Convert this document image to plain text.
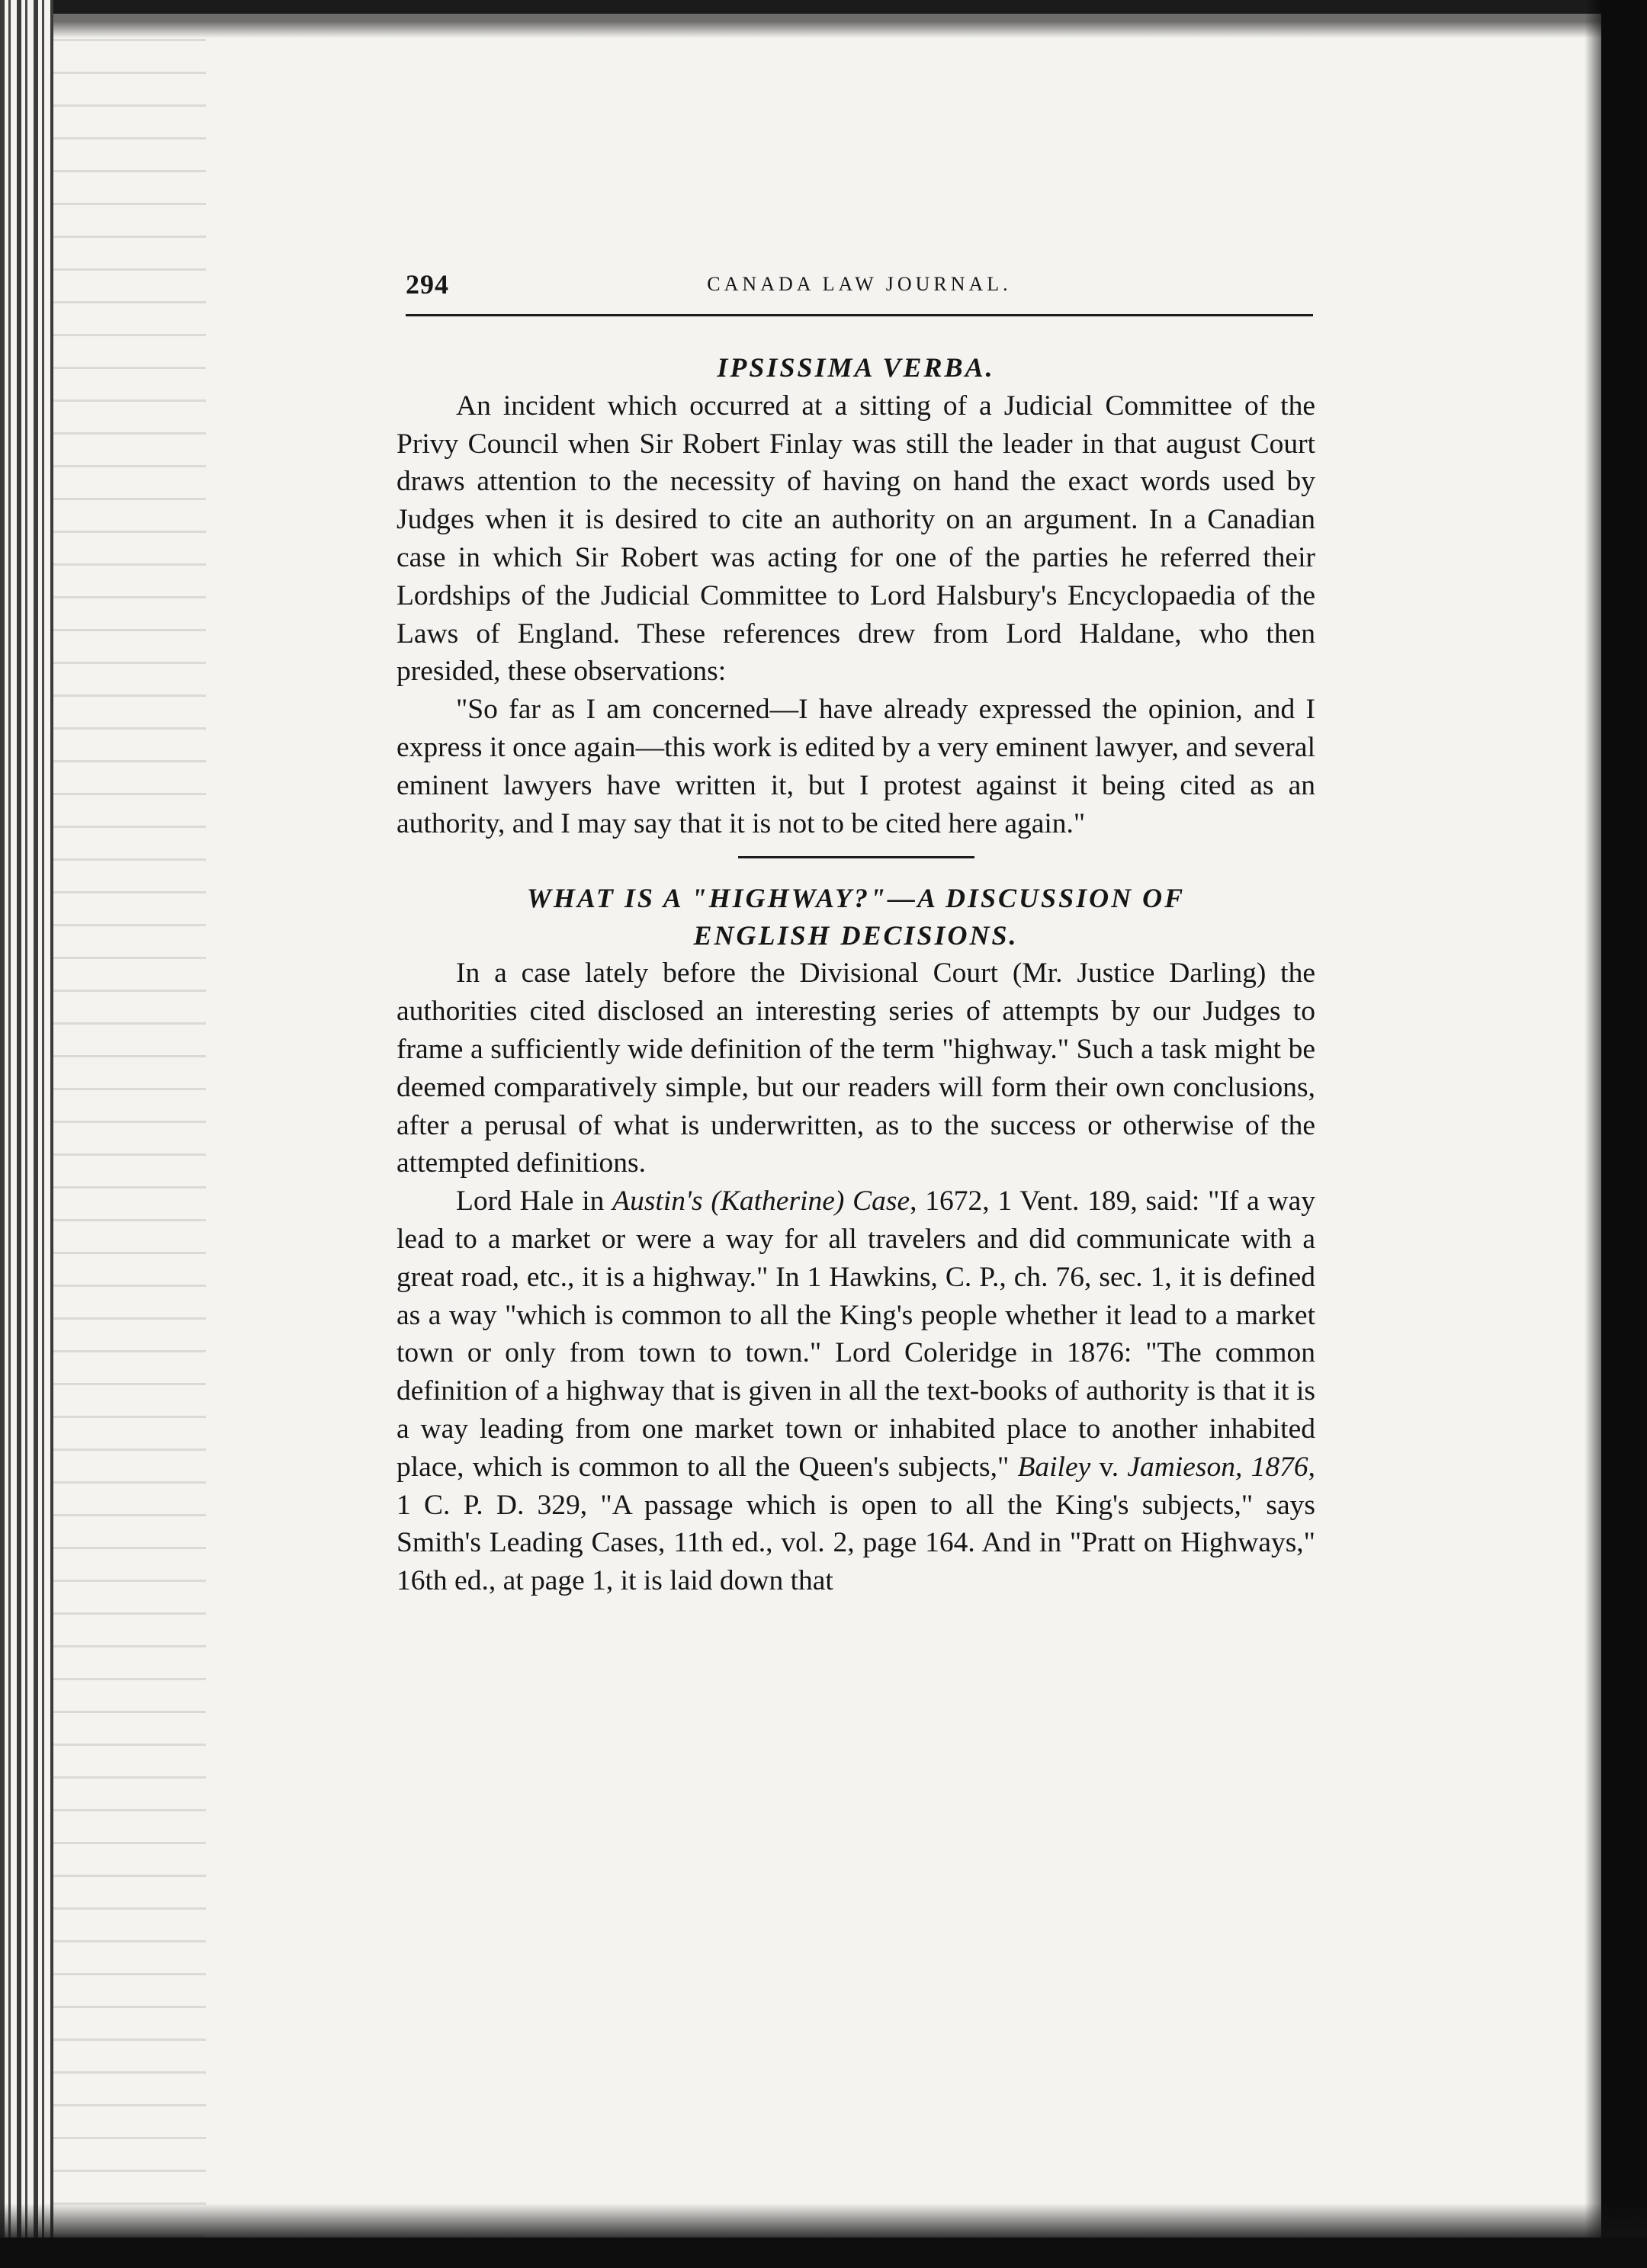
294	CANADA LAW JOURNAL.
IPSISSIMA VERBA.

An incident which occurred at a sitting of a Judicial Committee of the Privy Council when Sir Robert Finlay was still the leader in that august Court draws attention to the necessity of having on hand the exact words used by Judges when it is desired to cite an authority on an argument. In a Canadian case in which Sir Robert was acting for one of the parties he referred their Lordships of the Judicial Committee to Lord Halsbury's Encyclopaedia of the Laws of England. These references drew from Lord Haldane, who then presided, these observations:

"So far as I am concerned—I have already expressed the opinion, and I express it once again—this work is edited by a very eminent lawyer, and several eminent lawyers have written it, but I protest against it being cited as an authority, and I may say that it is not to be cited here again."

WHAT IS A "HIGHWAY?"—A DISCUSSION OF
ENGLISH DECISIONS.

In a case lately before the Divisional Court (Mr. Justice Darling) the authorities cited disclosed an interesting series of attempts by our Judges to frame a sufficiently wide definition of the term "highway." Such a task might be deemed comparatively simple, but our readers will form their own conclusions, after a perusal of what is underwritten, as to the success or otherwise of the attempted definitions.

Lord Hale in Austin's (Katherine) Case, 1672, 1 Vent. 189, said: "If a way lead to a market or were a way for all travelers and did communicate with a great road, etc., it is a highway." In 1 Hawkins, C. P., ch. 76, sec. 1, it is defined as a way "which is common to all the King's people whether it lead to a market town or only from town to town." Lord Coleridge in 1876: "The common definition of a highway that is given in all the text-books of authority is that it is a way leading from one market town or inhabited place to another inhabited place, which is common to all the Queen's subjects," Bailey v. Jamieson, 1876, 1 C. P. D. 329, "A passage which is open to all the King's subjects," says Smith's Leading Cases, 11th ed., vol. 2, page 164. And in "Pratt on Highways," 16th ed., at page 1, it is laid down that
